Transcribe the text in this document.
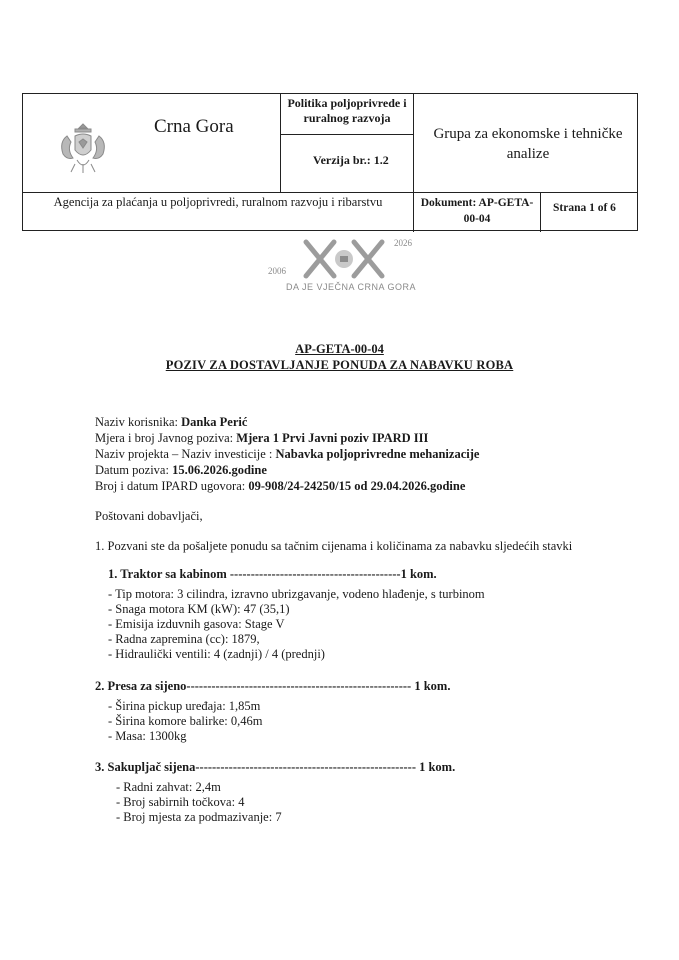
Crna Gora
Politika poljoprivrede i ruralnog razvoja
Verzija br.: 1.2
Grupa za ekonomske i tehničke analize
Agencija za plaćanja u poljoprivredi, ruralnom razvoju i ribarstvu	Dokument: AP-GETA-00-04
Strana 1 of 6
2006
2026
DA JE VJEČNA CRNA GORA
AP-GETA-00-04
POZIV ZA DOSTAVLJANJE PONUDA ZA NABAVKU ROBA
Naziv korisnika: Danka Perić
Mjera i broj Javnog poziva: Mjera 1 Prvi Javni poziv IPARD III
Naziv projekta – Naziv investicije : Nabavka poljoprivredne mehanizacije
Datum poziva: 15.06.2026.godine
Broj i datum IPARD ugovora: 09-908/24-24250/15 od 29.04.2026.godine
Poštovani dobavljači,
1. Pozvani ste da pošaljete ponudu sa tačnim cijenama i količinama za nabavku sljedećih stavki
1. Traktor sa kabinom -----------------------------------------1 kom.
- Tip motora: 3 cilindra, izravno ubrizgavanje, vodeno hlađenje, s turbinom
- Snaga motora KM (kW): 47 (35,1)
- Emisija izduvnih gasova: Stage V
- Radna zapremina (cc): 1879,
- Hidraulički ventili: 4 (zadnji) / 4 (prednji)
2. Presa za sijeno------------------------------------------------------ 1 kom.
- Širina pickup uređaja: 1,85m
- Širina komore balirke: 0,46m
- Masa: 1300kg
3. Sakupljač sijena----------------------------------------------------- 1 kom.
- Radni zahvat: 2,4m
- Broj sabirnih točkova: 4
- Broj mjesta za podmazivanje: 7
